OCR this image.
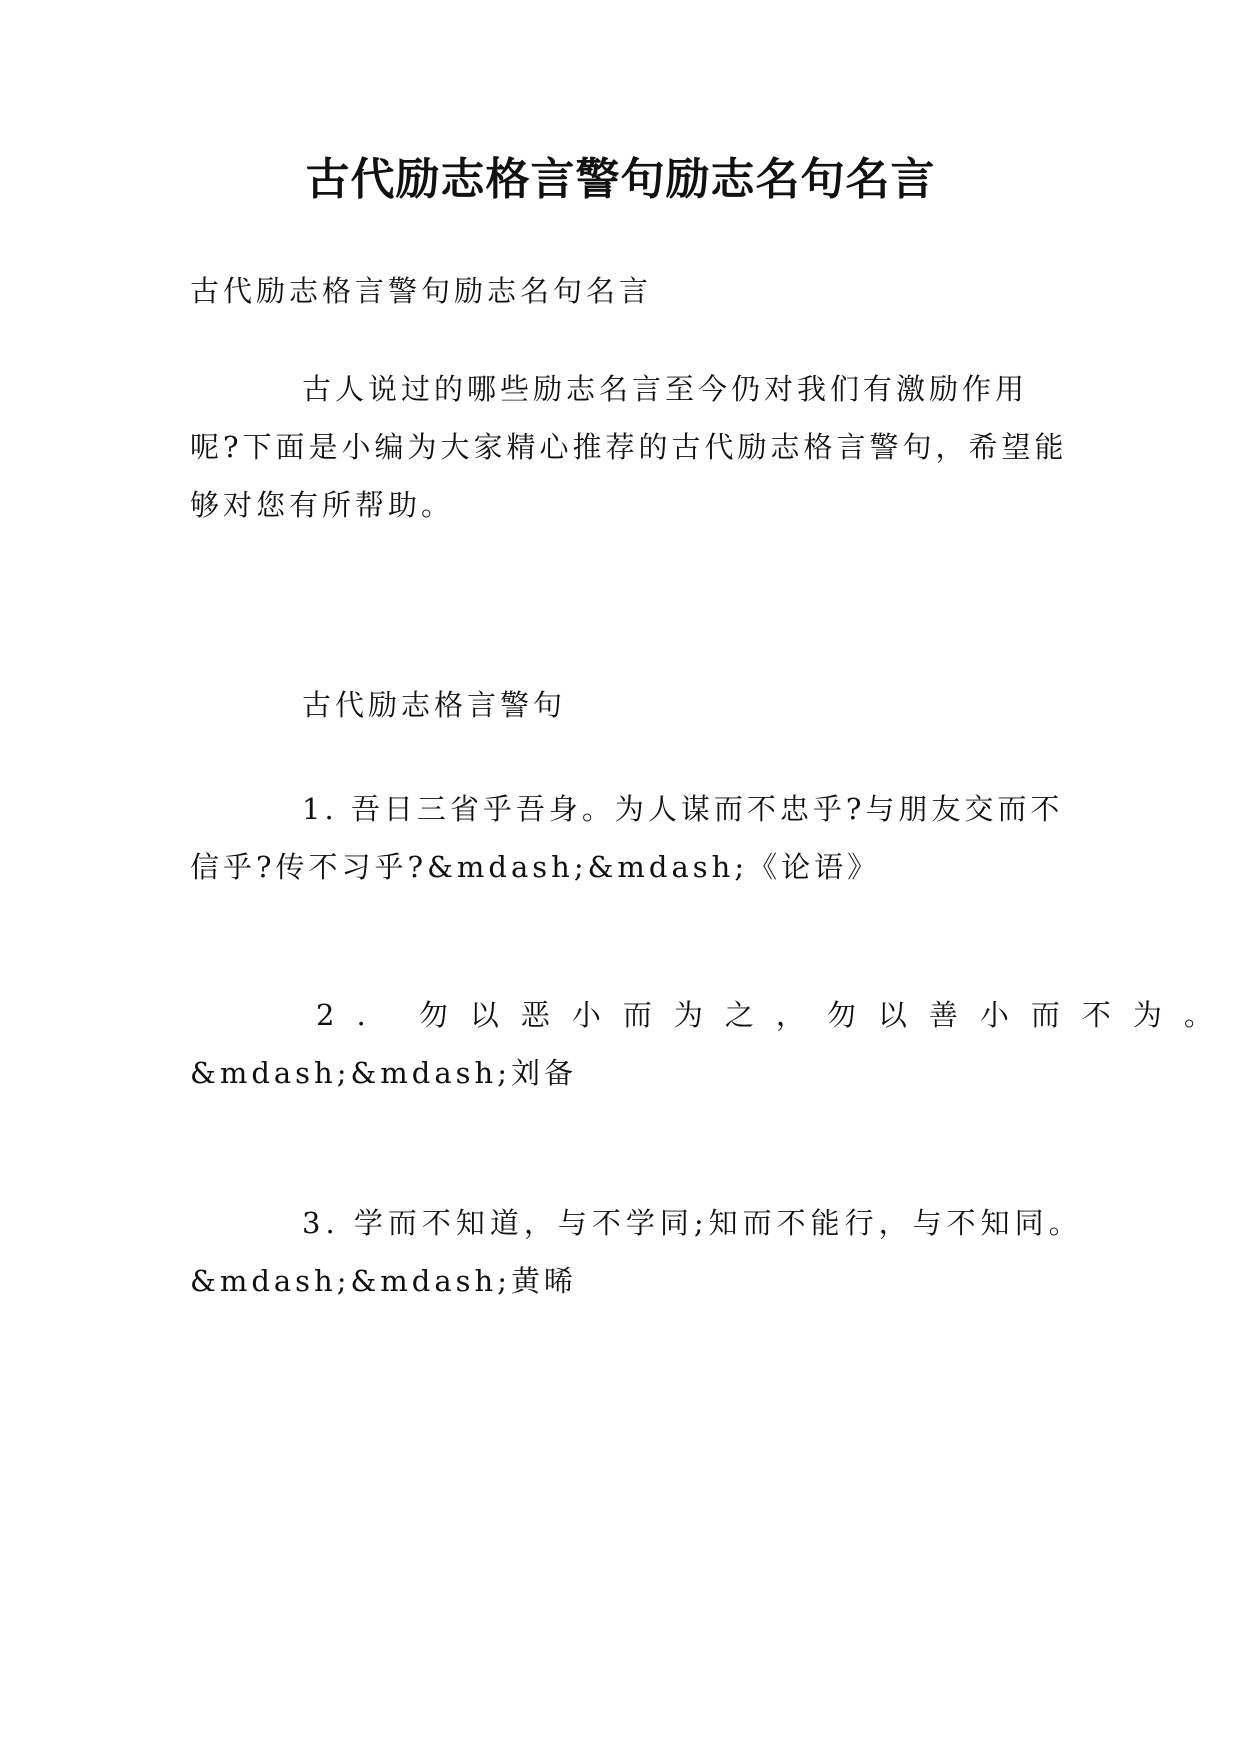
古代励志格言警句励志名句名言

古代励志格言警句励志名句名言

古人说过的哪些励志名言至今仍对我们有激励作用呢?下面是小编为大家精心推荐的古代励志格言警句，希望能够对您有所帮助。

古代励志格言警句

1. 吾日三省乎吾身。为人谋而不忠乎?与朋友交而不信乎?传不习乎?&mdash;&mdash;《论语》

2. 勿以恶小而为之，勿以善小而不为。

&mdash;&mdash;刘备

3. 学而不知道，与不学同;知而不能行，与不知同。

&mdash;&mdash;黄晞
